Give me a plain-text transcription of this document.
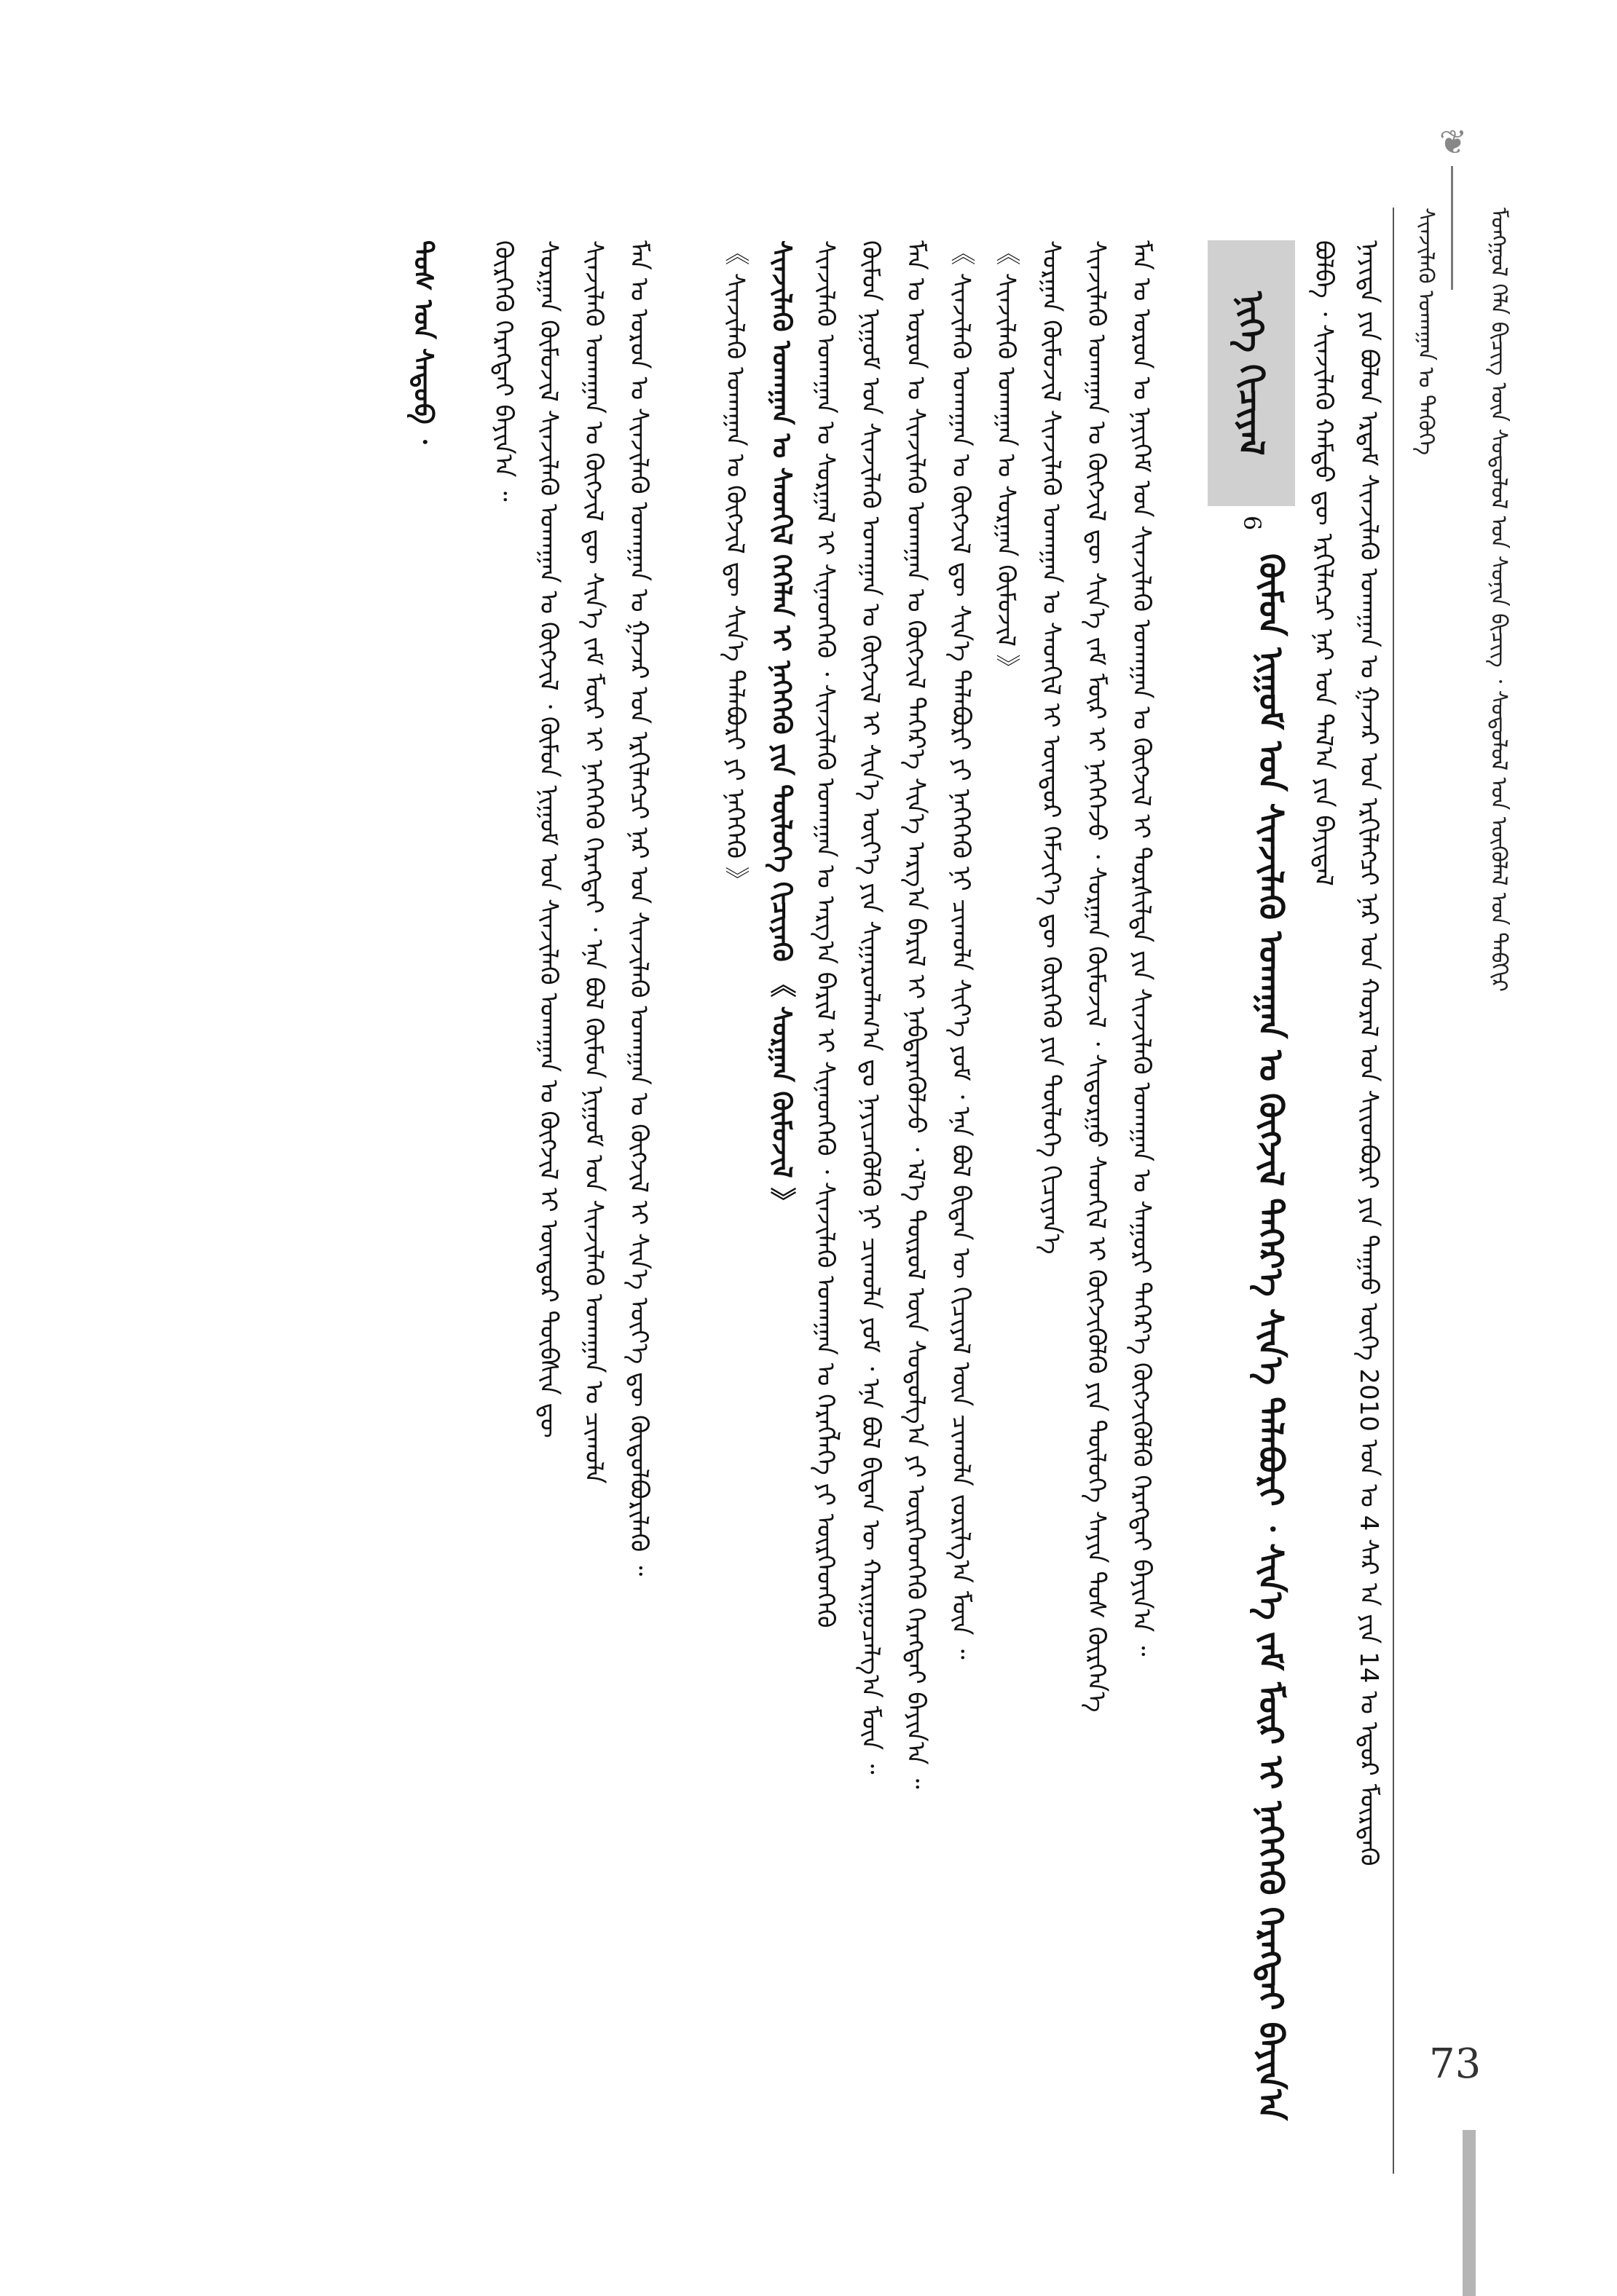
❦
ᠮᠣᠩᠭᠤᠯ ᠬᠡᠯᠡ ᠪᠢᠴᠢᠭ ᠦᠨ ᠰᠤᠳᠤᠯᠤᠯ ᠤᠨ ᠰᠣᠨᠢᠨ ᠪᠢᠴᠢᠭ᠌ ᠂ ᠰᠤᠳᠤᠯᠤᠯ ᠤᠨ ᠥᠭᠦᠯᠡᠯ ᠤᠨ ᠲᠡᠪᠬᠢᠷ
ᠰᠢᠨᠵᠢᠯᠡᠬᠦ ᠤᠬᠠᠭᠠᠨ ᠤ ᠲᠡᠭᠦᠬᠡ
ᠨᠡᠶᠢᠲᠡ ᠶᠢᠨ ᠪᠣᠯᠤᠨ ᠡᠷᠲᠡᠮ ᠰᠢᠨᠵᠢᠯᠡᠬᠦ ᠤᠬᠠᠭᠠᠨ ᠤ ᠭᠠᠵᠠᠷ ᠤᠨ ᠡᠷᠬᠢᠯᠡᠭᠴᠢ ᠨᠠᠷ ᠤᠨ ᠬᠤᠷᠠᠯ ᠤᠨ ᠰᠢᠢᠳᠪᠦᠷᠢ ᠶᠢᠨ ᠳᠠᠭᠠᠤ ᠦᠭᠡ 2010 ᠣᠨ ᠤ 4 ᠰᠠᠷ ᠠ ᠶᠢᠨ 14 ᠤ ᠡᠳᠦᠷ ᠮᠦᠷᠳᠡᠬᠦ
ᠪᠣᠯᠪᠠ ᠂ ᠰᠢᠨᠵᠢᠯᠡᠬᠦ ᠬᠠᠮᠲᠤ ᠳᠦ ᠡᠷᠬᠢᠯᠡᠭᠴᠢ ᠨᠠᠷ ᠤᠨ ᠲᠠᠯ᠎ᠠ ᠶᠢᠨ ᠪᠠᠶᠢᠳᠠᠯ
ᠨᠢᠭᠡ ᠬᠢᠴᠢᠶᠡᠯ
6
ᠬᠦᠮᠦᠨ ᠨᠢᠭᠤᠮ ᠤᠨ ᠰᠢᠨᠵᠢᠯᠡᠬᠦ ᠤᠬᠠᠭᠠᠨ ᠤ ᠬᠦᠭᠵᠢᠯ ᠳᠡᠭᠡᠷ᠎ᠡ ᠰᠢᠨ᠎ᠡ ᠲᠡᠯᠡᠪᠦᠷᠢ ᠂ ᠰᠢᠨ᠎ᠡ ᠵᠠᠮ ᠮᠥᠷ ᠢ ᠨᠡᠭᠡᠭᠡᠬᠦ ᠬᠡᠷᠡᠭᠲᠡᠶ ᠪᠠᠶᠢᠨ᠎ᠠ
ᠮᠠᠨ ᠤ ᠣᠷᠣᠨ ᠤ ᠨᠡᠶᠢᠭᠡᠮ ᠤᠨ ᠰᠢᠨᠵᠢᠯᠡᠬᠦ ᠤᠬᠠᠭᠠᠨ ᠤ ᠬᠦᠭᠵᠢᠯ ᠢ ᠲᠤᠷᠰᠢᠯᠲᠠ ᠶᠢᠨ ᠰᠢᠨᠵᠢᠯᠡᠬᠦ ᠤᠬᠠᠭᠠᠨ ᠤ ᠰᠠᠭᠤᠷᠢ ᠳᠡᠭᠡᠷ᠎ᠡ ᠬᠥᠭᠵᠢᠭᠦᠯᠬᠦ ᠬᠡᠷᠡᠭᠲᠡᠶ ᠪᠠᠶᠢᠨ᠎ᠠ ᠃
ᠰᠢᠨᠵᠢᠯᠡᠬᠦ ᠤᠬᠠᠭᠠᠨ ᠤ ᠬᠦᠭᠵᠢᠯ ᠳᠦ ᠰᠢᠨ᠎ᠡ ᠵᠠᠮ ᠮᠥᠷ ᠢ ᠨᠡᠭᠡᠭᠡᠵᠦ ᠂ ᠰᠤᠷᠭᠠᠨ ᠬᠥᠮᠦᠵᠢᠯ ᠂ ᠰᠢᠳᠤᠷᠭᠤ ᠰᠡᠳᠬᠢᠯ ᠢ ᠬᠥᠭᠵᠢᠭᠦᠯᠬᠦ ᠶᠢᠨ ᠲᠥᠯᠥᠭᠡ ᠰᠠᠶᠢᠨ ᠲᠤᠰ ᠬᠦᠷᠭᠡᠨ᠎ᠡ
ᠰᠤᠷᠭᠠᠨ ᠬᠦᠮᠦᠵᠢᠯ ᠰᠢᠨᠵᠢᠯᠡᠬᠦ ᠤᠬᠠᠭᠠᠨ ᠤ ᠰᠡᠳᠬᠢᠯ ᠢ ᠥᠨᠳᠦᠷ ᠬᠡᠮᠵᠢᠶ᠎ᠡ ᠳᠦ ᠬᠦᠷᠭᠡᠬᠦ ᠶᠢᠨ ᠲᠥᠯᠥᠭᠡ ᠬᠢᠴᠢᠶᠡᠨ᠎ᠡ
《 ᠰᠢᠨᠵᠢᠯᠡᠬᠦ ᠤᠬᠠᠭᠠᠨ ᠤ ᠰᠤᠷᠭᠠᠨ ᠬᠦᠮᠦᠵᠢᠯ 》
《 ᠰᠢᠨᠵᠢᠯᠡᠬᠦ ᠤᠬᠠᠭᠠᠨ ᠤ ᠬᠦᠭᠵᠢᠯ ᠳᠦ ᠰᠢᠨ᠎ᠡ ᠲᠡᠯᠡᠪᠦᠷᠢ ᠶᠢ ᠨᠡᠭᠡᠭᠡᠬᠦ ᠨᠢ ᠴᠢᠬᠤᠯᠠ ᠰᠢᠶ᠎ᠡ ᠶᠤᠮ ᠂ ᠡᠨᠡ ᠪᠣᠯ ᠪᠢᠳᠡᠨ ᠦ ᠬᠢᠴᠢᠶᠡᠯ ᠦᠨ ᠴᠢᠬᠤᠯᠠ ᠵᠣᠷᠢᠯᠭ᠎ᠠ ᠮᠥᠨ ᠃
ᠮᠠᠨ ᠤ ᠣᠷᠣᠨ ᠤ ᠰᠢᠨᠵᠢᠯᠡᠬᠦ ᠤᠬᠠᠭᠠᠨ ᠤ ᠬᠦᠭᠵᠢᠯ ᠳᠡᠭᠡᠷ᠎ᠡ ᠰᠢᠨ᠎ᠡ ᠠᠷᠭ᠎ᠠ ᠪᠠᠷᠢᠯ ᠢ ᠨᠡᠪᠲᠡᠷᠡᠭᠦᠯᠵᠦ ᠂ ᠡᠯ᠎ᠡ ᠲᠥᠷᠦᠯ ᠦᠨ ᠰᠤᠳᠤᠯᠭ᠎ᠠ ᠶᠢ ᠥᠷᠭᠡᠳᠬᠡᠬᠦ ᠬᠡᠷᠡᠭᠲᠡᠶ ᠪᠠᠶᠢᠨ᠎ᠠ ᠃
ᠬᠦᠮᠦᠨ ᠨᠢᠭᠤᠮ ᠤᠨ ᠰᠢᠨᠵᠢᠯᠡᠬᠦ ᠤᠬᠠᠭᠠᠨ ᠤ ᠬᠦᠭᠵᠢᠯ ᠢ ᠰᠢᠨ᠎ᠡ ᠦᠶ᠎ᠡ ᠶᠢᠨ ᠰᠢᠭᠠᠷᠳᠯᠠᠭ᠎ᠠ ᠳᠤ ᠨᠡᠶᠢᠴᠡᠭᠦᠯᠬᠦ ᠨᠢ ᠴᠢᠬᠤᠯᠠ ᠶᠤᠮ ᠂ ᠡᠨᠡ ᠪᠣᠯ ᠪᠢᠳᠡᠨ ᠦ ᠬᠠᠷᠢᠭᠤᠴᠠᠯᠭ᠎ᠠ ᠮᠥᠨ ᠃
ᠰᠢᠨᠵᠢᠯᠡᠬᠦ ᠤᠬᠠᠭᠠᠨ ᠤ ᠰᠤᠷᠭᠠᠯ ᠢ ᠰᠢᠨᠡᠳᠬᠡᠬᠦ ᠂ ᠰᠢᠨᠵᠢᠯᠡᠬᠦ ᠤᠬᠠᠭᠠᠨ ᠤ ᠠᠷᠭ᠎ᠠ ᠪᠠᠷᠢᠯ ᠢ ᠰᠢᠨᠡᠳᠬᠡᠬᠦ ᠂ ᠰᠢᠨᠵᠢᠯᠡᠬᠦ ᠤᠬᠠᠭᠠᠨ ᠤ ᠬᠡᠷᠡᠭᠯᠡᠭᠡ ᠶᠢ ᠥᠷᠭᠡᠳᠬᠡᠬᠦ
ᠰᠢᠨᠵᠢᠯᠡᠬᠦ ᠤᠬᠠᠭᠠᠨ ᠤ ᠰᠡᠳᠬᠢᠯ ᠭᠡᠭᠡᠯᠡᠨ ᠢ ᠨᠡᠭᠡᠭᠡᠬᠦ ᠶᠢᠨ ᠲᠥᠯᠥᠭᠡ ᠬᠢᠴᠢᠶᠡᠬᠦ 《 ᠰᠤᠷᠭᠠᠨ ᠬᠦᠮᠦᠵᠢᠯ 》
《 ᠰᠢᠨᠵᠢᠯᠡᠬᠦ ᠤᠬᠠᠭᠠᠨ ᠤ ᠬᠦᠭᠵᠢᠯ ᠳᠦ ᠰᠢᠨ᠎ᠡ ᠲᠡᠯᠡᠪᠦᠷᠢ ᠶᠢ ᠨᠡᠭᠡᠭᠡᠬᠦ 》
ᠮᠠᠨ ᠤ ᠣᠷᠣᠨ ᠤ ᠰᠢᠨᠵᠢᠯᠡᠬᠦ ᠤᠬᠠᠭᠠᠨ ᠤ ᠭᠠᠵᠠᠷ ᠤᠨ ᠡᠷᠬᠢᠯᠡᠭᠴᠢ ᠨᠠᠷ ᠤᠨ ᠰᠢᠨᠵᠢᠯᠡᠬᠦ ᠤᠬᠠᠭᠠᠨ ᠤ ᠬᠦᠭᠵᠢᠯ ᠢ ᠰᠢᠨ᠎ᠡ ᠦᠶ᠎ᠡ ᠳᠦ ᠬᠥᠲᠥᠯᠪᠦᠷᠢᠯᠡᠬᠦ ᠃
ᠰᠢᠨᠵᠢᠯᠡᠬᠦ ᠤᠬᠠᠭᠠᠨ ᠤ ᠬᠦᠭᠵᠢᠯ ᠳᠦ ᠰᠢᠨ᠎ᠡ ᠵᠠᠮ ᠮᠥᠷ ᠢ ᠨᠡᠭᠡᠭᠡᠬᠦ ᠬᠡᠷᠡᠭᠲᠡᠶ ᠂ ᠡᠨᠡ ᠪᠣᠯ ᠬᠦᠮᠦᠨ ᠨᠢᠭᠤᠮ ᠤᠨ ᠰᠢᠨᠵᠢᠯᠡᠬᠦ ᠤᠬᠠᠭᠠᠨ ᠤ ᠴᠢᠬᠤᠯᠠ
ᠰᠤᠷᠭᠠᠨ ᠬᠦᠮᠦᠵᠢᠯ ᠰᠢᠨᠵᠢᠯᠡᠬᠦ ᠤᠬᠠᠭᠠᠨ ᠤ ᠬᠦᠭᠵᠢᠯ ᠂ ᠬᠦᠮᠦᠨ ᠨᠢᠭᠤᠮ ᠤᠨ ᠰᠢᠨᠵᠢᠯᠡᠬᠦ ᠤᠬᠠᠭᠠᠨ ᠤ ᠬᠦᠭᠵᠢᠯ ᠢ ᠥᠨᠳᠦᠷ ᠲᠦᠪᠰᠢᠨ ᠳᠦ
ᠬᠦᠷᠭᠡᠬᠦ ᠬᠡᠷᠡᠭᠲᠡᠶ ᠪᠠᠶᠢᠨ᠎ᠠ ᠃
ᠲᠤᠰ ᠤᠨ ᠰᠡᠳᠦᠪ ᠂
73
